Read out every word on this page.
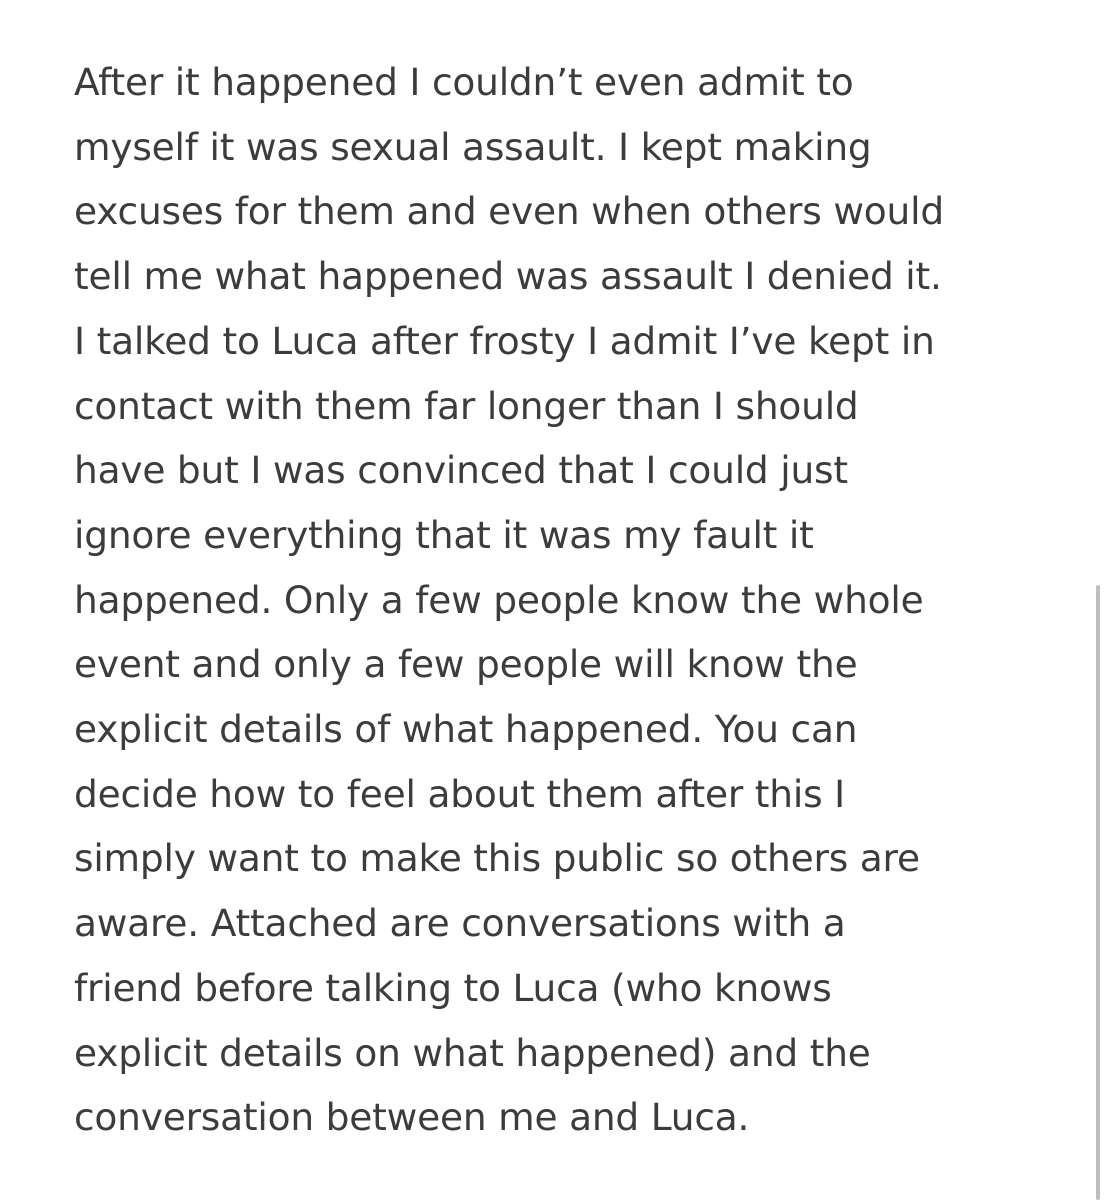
After it happened I couldn’t even admit to
myself it was sexual assault. I kept making
excuses for them and even when others would
tell me what happened was assault I denied it.
I talked to Luca after frosty I admit I’ve kept in
contact with them far longer than I should
have but I was convinced that I could just
ignore everything that it was my fault it
happened. Only a few people know the whole
event and only a few people will know the
explicit details of what happened. You can
decide how to feel about them after this I
simply want to make this public so others are
aware. Attached are conversations with a
friend before talking to Luca (who knows
explicit details on what happened) and the
conversation between me and Luca.
